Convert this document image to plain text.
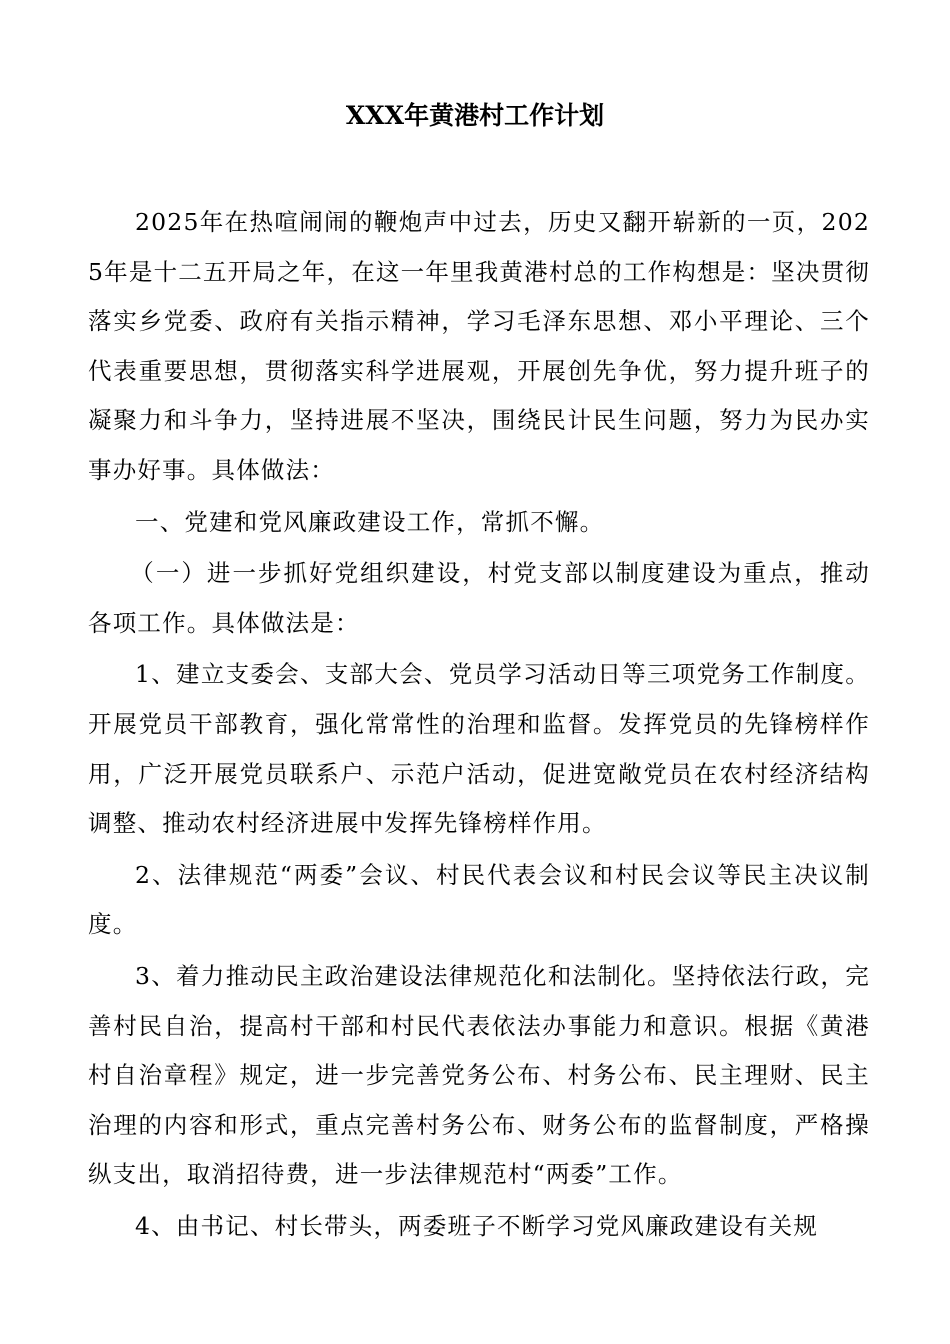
XXX年黄港村工作计划

2025年在热喧闹闹的鞭炮声中过去，历史又翻开崭新的一页，2025年是十二五开局之年，在这一年里我黄港村总的工作构想是：坚决贯彻落实乡党委、政府有关指示精神，学习毛泽东思想、邓小平理论、三个代表重要思想，贯彻落实科学进展观，开展创先争优，努力提升班子的凝聚力和斗争力，坚持进展不坚决，围绕民计民生问题，努力为民办实事办好事。具体做法：

一、党建和党风廉政建设工作，常抓不懈。

（一）进一步抓好党组织建设，村党支部以制度建设为重点，推动各项工作。具体做法是：

1、建立支委会、支部大会、党员学习活动日等三项党务工作制度。开展党员干部教育，强化常常性的治理和监督。发挥党员的先锋榜样作用，广泛开展党员联系户、示范户活动，促进宽敞党员在农村经济结构调整、推动农村经济进展中发挥先锋榜样作用。

2、法律规范“两委”会议、村民代表会议和村民会议等民主决议制度。

3、着力推动民主政治建设法律规范化和法制化。坚持依法行政，完善村民自治，提高村干部和村民代表依法办事能力和意识。根据《黄港村自治章程》规定，进一步完善党务公布、村务公布、民主理财、民主治理的内容和形式，重点完善村务公布、财务公布的监督制度，严格操纵支出，取消招待费，进一步法律规范村“两委”工作。

4、由书记、村长带头，两委班子不断学习党风廉政建设有关规
